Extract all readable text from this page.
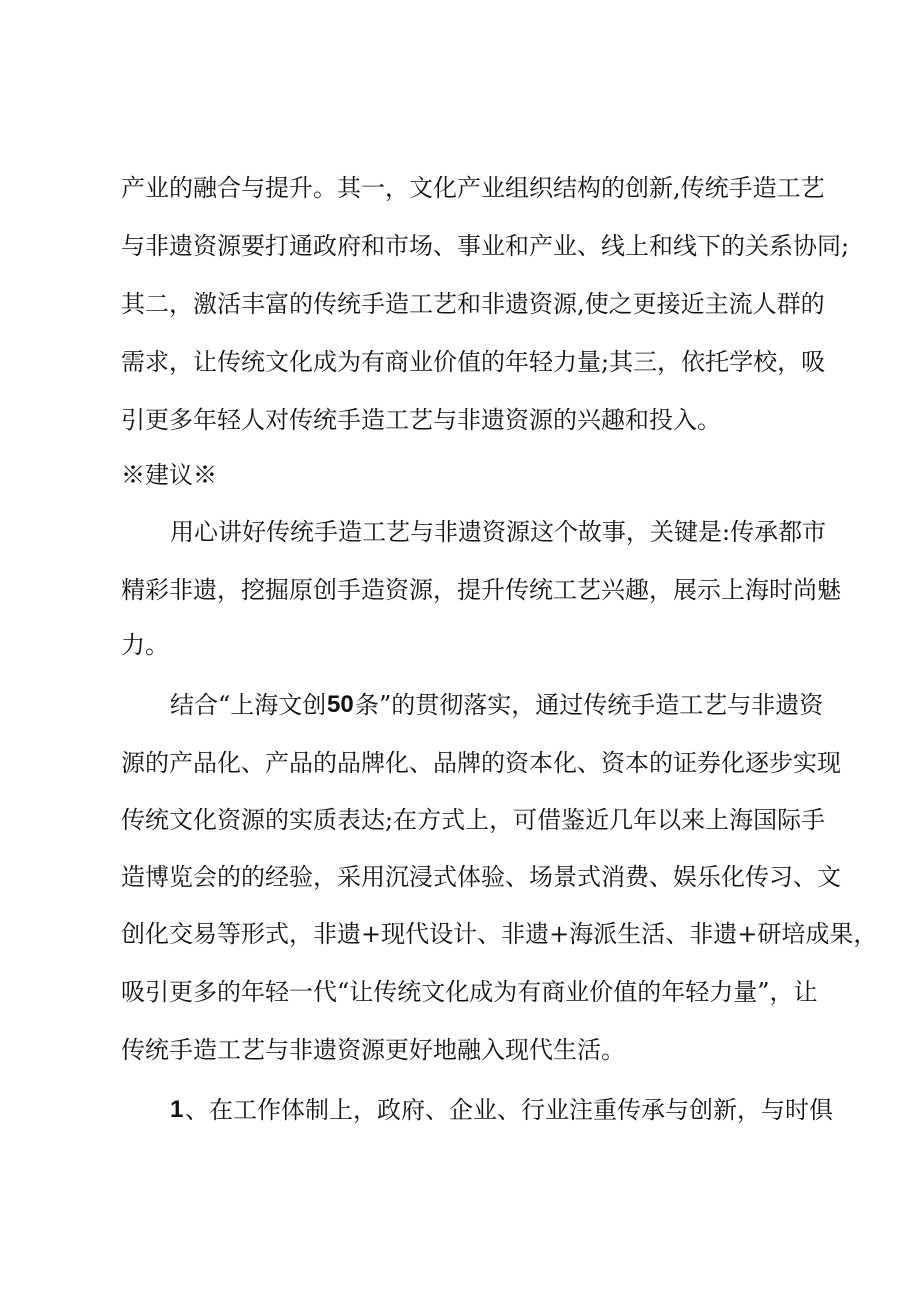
产业的融合与提升。其一，文化产业组织结构的创新,传统手造工艺
与非遗资源要打通政府和市场、事业和产业、线上和线下的关系协同;
其二，激活丰富的传统手造工艺和非遗资源,使之更接近主流人群的
需求，让传统文化成为有商业价值的年轻力量;其三，依托学校，吸
引更多年轻人对传统手造工艺与非遗资源的兴趣和投入。
※建议※
用心讲好传统手造工艺与非遗资源这个故事，关键是:传承都市
精彩非遗，挖掘原创手造资源，提升传统工艺兴趣，展示上海时尚魅
力。
结合“上海文创 50 条”的贯彻落实，通过传统手造工艺与非遗资
源的产品化、产品的品牌化、品牌的资本化、资本的证券化逐步实现
传统文化资源的实质表达;在方式上，可借鉴近几年以来上海国际手
造博览会的的经验，采用沉浸式体验、场景式消费、娱乐化传习、文
创化交易等形式，非遗+现代设计、非遗+海派生活、非遗+研培成果，
吸引更多的年轻一代“让传统文化成为有商业价值的年轻力量”，让
传统手造工艺与非遗资源更好地融入现代生活。
1 、在工作体制上，政府、企业、行业注重传承与创新，与时俱
